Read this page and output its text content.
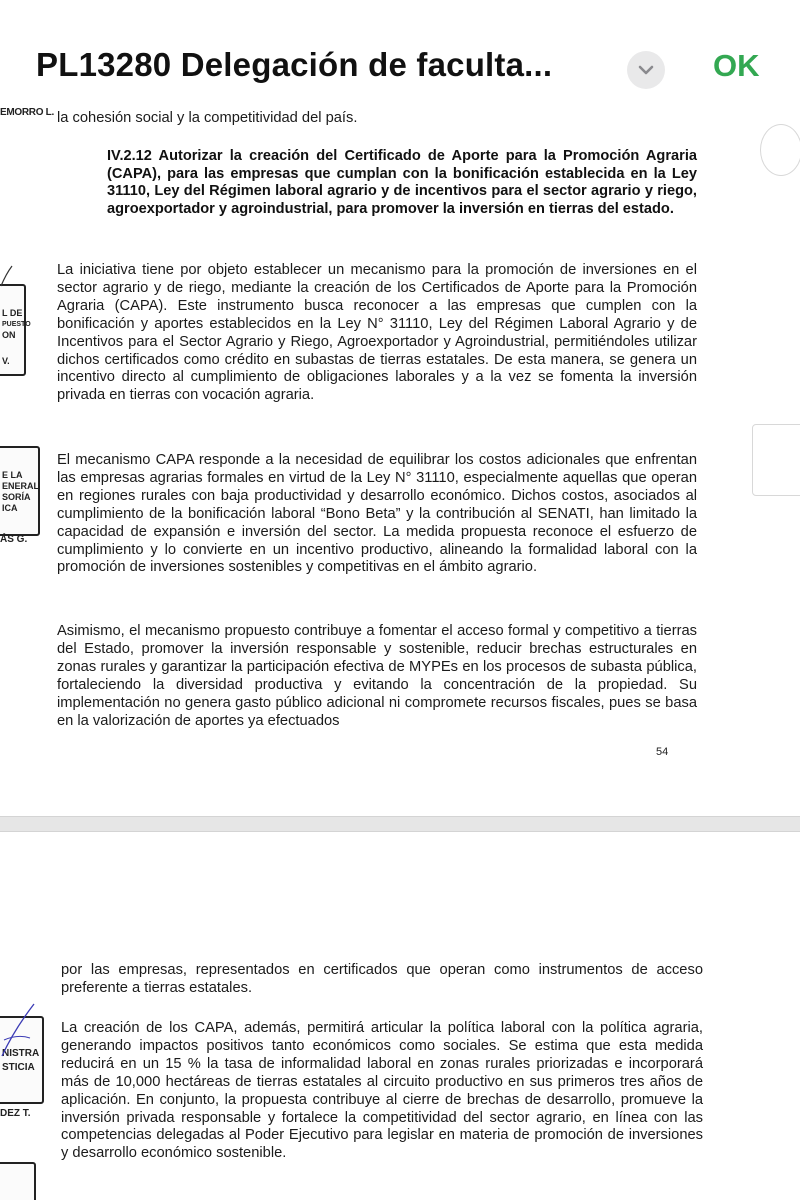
PL13280 Delegación de faculta...	OK
EMORRO L. la cohesión social y la competitividad del país.

IV.2.12 Autorizar la creación del Certificado de Aporte para la Promoción Agraria (CAPA), para las empresas que cumplan con la bonificación establecida en la Ley 31110, Ley del Régimen laboral agrario y de incentivos para el sector agrario y riego, agroexportador y agroindustrial, para promover la inversión en tierras del estado.

La iniciativa tiene por objeto establecer un mecanismo para la promoción de inversiones en el sector agrario y de riego, mediante la creación de los Certificados de Aporte para la Promoción Agraria (CAPA). Este instrumento busca reconocer a las empresas que cumplen con la bonificación y aportes establecidos en la Ley N° 31110, Ley del Régimen Laboral Agrario y de Incentivos para el Sector Agrario y Riego, Agroexportador y Agroindustrial, permitiéndoles utilizar dichos certificados como crédito en subastas de tierras estatales. De esta manera, se genera un incentivo directo al cumplimiento de obligaciones laborales y a la vez se fomenta la inversión privada en tierras con vocación agraria.

El mecanismo CAPA responde a la necesidad de equilibrar los costos adicionales que enfrentan las empresas agrarias formales en virtud de la Ley N° 31110, especialmente aquellas que operan en regiones rurales con baja productividad y desarrollo económico. Dichos costos, asociados al cumplimiento de la bonificación laboral “Bono Beta” y la contribución al SENATI, han limitado la capacidad de expansión e inversión del sector. La medida propuesta reconoce el esfuerzo de cumplimiento y lo convierte en un incentivo productivo, alineando la formalidad laboral con la promoción de inversiones sostenibles y competitivas en el ámbito agrario.

Asimismo, el mecanismo propuesto contribuye a fomentar el acceso formal y competitivo a tierras del Estado, promover la inversión responsable y sostenible, reducir brechas estructurales en zonas rurales y garantizar la participación efectiva de MYPEs en los procesos de subasta pública, fortaleciendo la diversidad productiva y evitando la concentración de la propiedad. Su implementación no genera gasto público adicional ni compromete recursos fiscales, pues se basa en la valorización de aportes ya efectuados

54
L DE
PUESTO
ON
V.
E LA
ENERAL
SORÍA
ICA
ÁS G.

por las empresas, representados en certificados que operan como instrumentos de acceso preferente a tierras estatales.

La creación de los CAPA, además, permitirá articular la política laboral con la política agraria, generando impactos positivos tanto económicos como sociales. Se estima que esta medida reducirá en un 15 % la tasa de informalidad laboral en zonas rurales priorizadas e incorporará más de 10,000 hectáreas de tierras estatales al circuito productivo en sus primeros tres años de aplicación. En conjunto, la propuesta contribuye al cierre de brechas de desarrollo, promueve la inversión privada responsable y fortalece la competitividad del sector agrario, en línea con las competencias delegadas al Poder Ejecutivo para legislar en materia de promoción de inversiones y desarrollo económico sostenible.

NISTRA
STICIA
DEZ T.
